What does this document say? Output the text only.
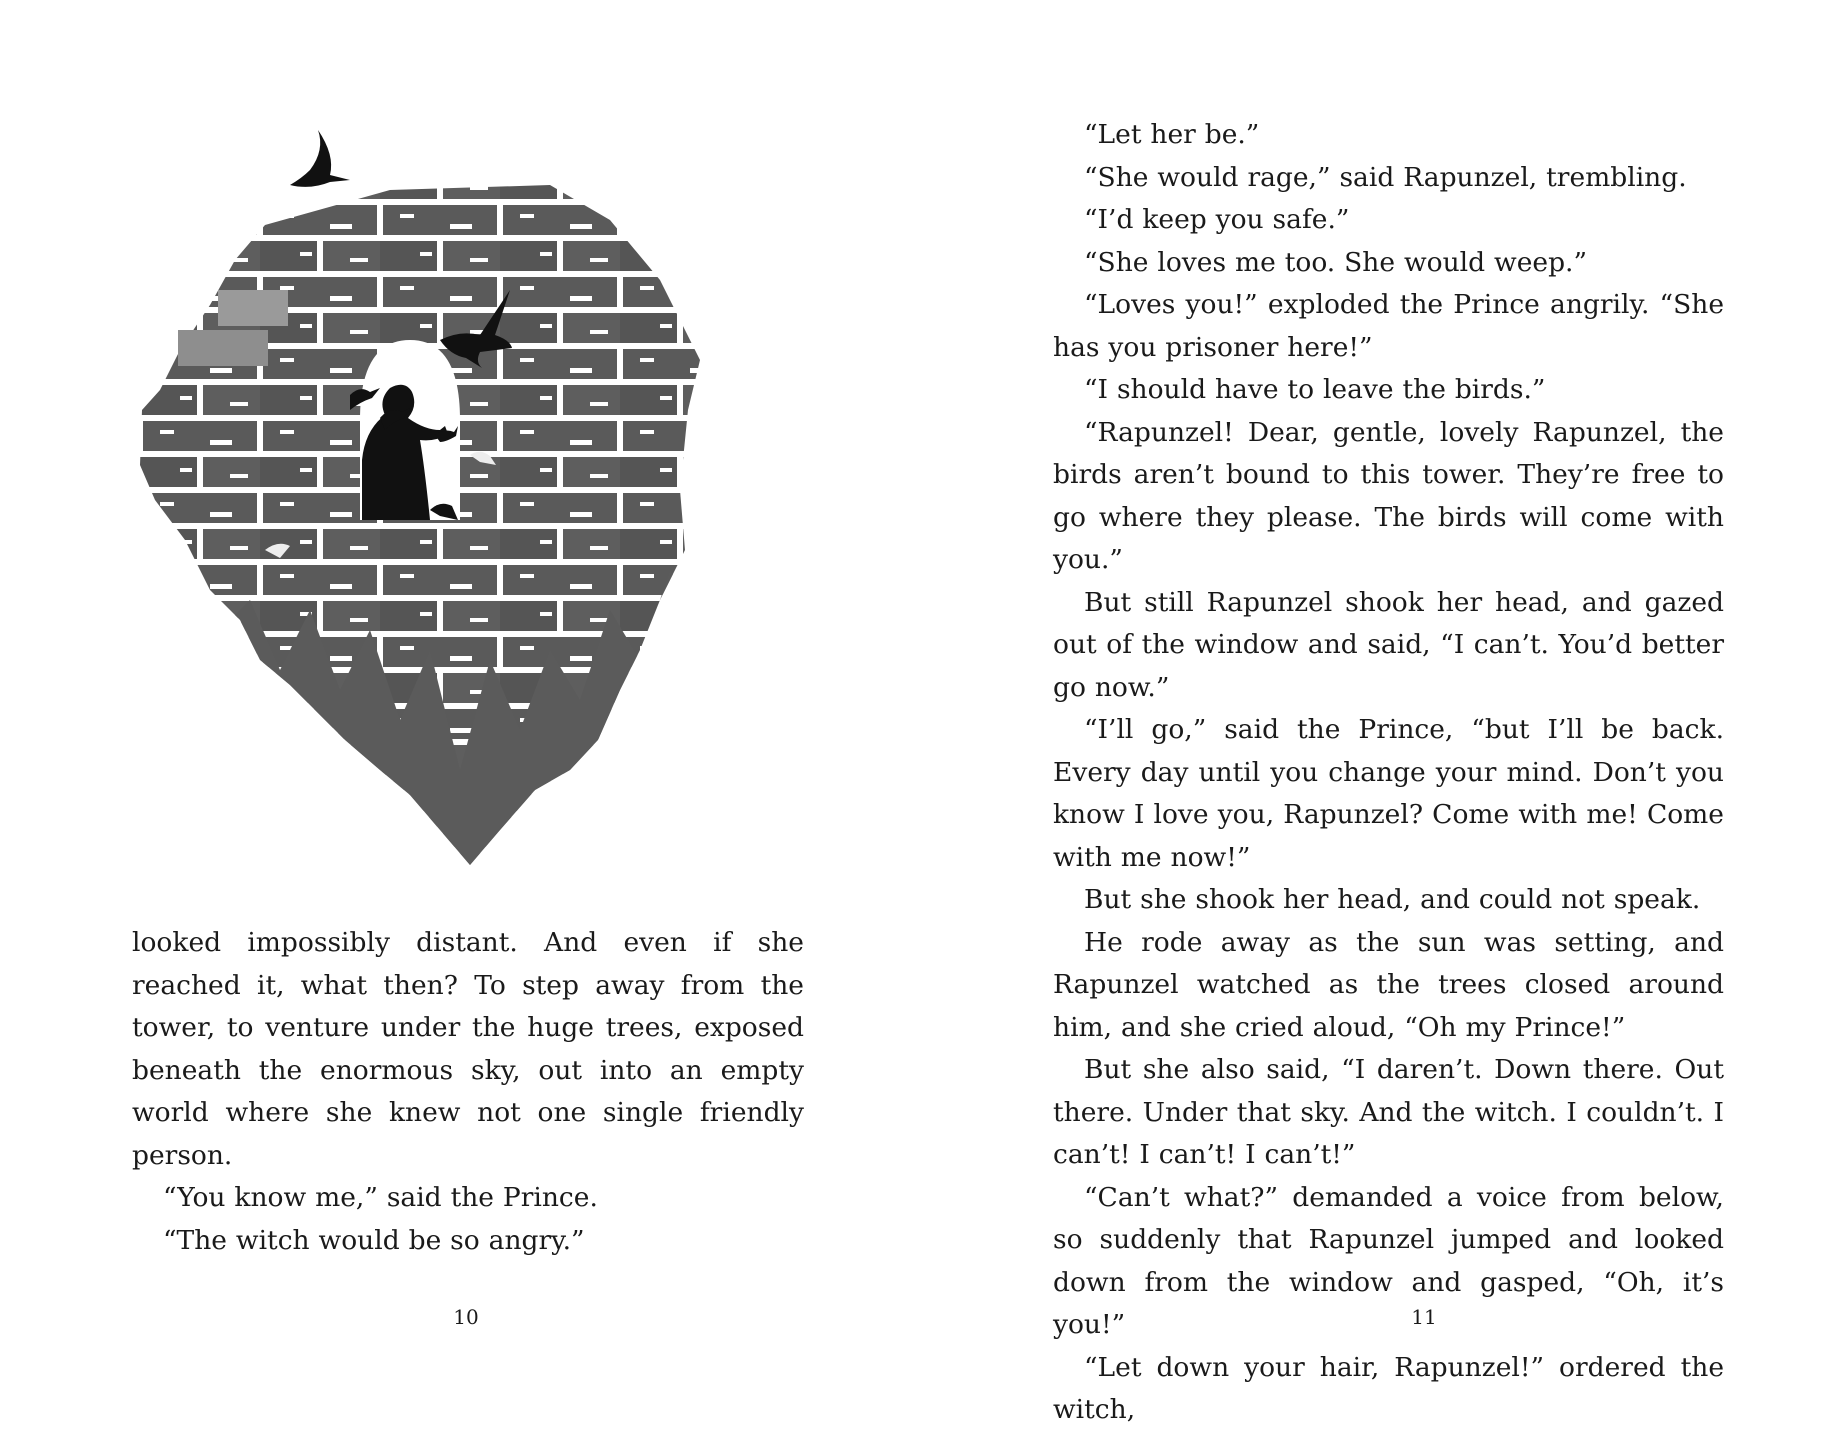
looked impossibly distant. And even if she reached it, what then? To step away from the tower, to venture under the huge trees, exposed beneath the enormous sky, out into an empty world where she knew not one single friendly person.

“You know me,” said the Prince.

“The witch would be so angry.”

10

“Let her be.”

“She would rage,” said Rapunzel, trembling.

“I’d keep you safe.”

“She loves me too. She would weep.”

“Loves you!” exploded the Prince angrily. “She has you prisoner here!”

“I should have to leave the birds.”

“Rapunzel! Dear, gentle, lovely Rapunzel, the birds aren’t bound to this tower. They’re free to go where they please. The birds will come with you.”

But still Rapunzel shook her head, and gazed out of the window and said, “I can’t. You’d better go now.”

“I’ll go,” said the Prince, “but I’ll be back. Every day until you change your mind. Don’t you know I love you, Rapunzel? Come with me! Come with me now!”

But she shook her head, and could not speak.

He rode away as the sun was setting, and Rapunzel watched as the trees closed around him, and she cried aloud, “Oh my Prince!”

But she also said, “I daren’t. Down there. Out there. Under that sky. And the witch. I couldn’t. I can’t! I can’t! I can’t!”

“Can’t what?” demanded a voice from below, so suddenly that Rapunzel jumped and looked down from the window and gasped, “Oh, it’s you!”

“Let down your hair, Rapunzel!” ordered the witch,

11
